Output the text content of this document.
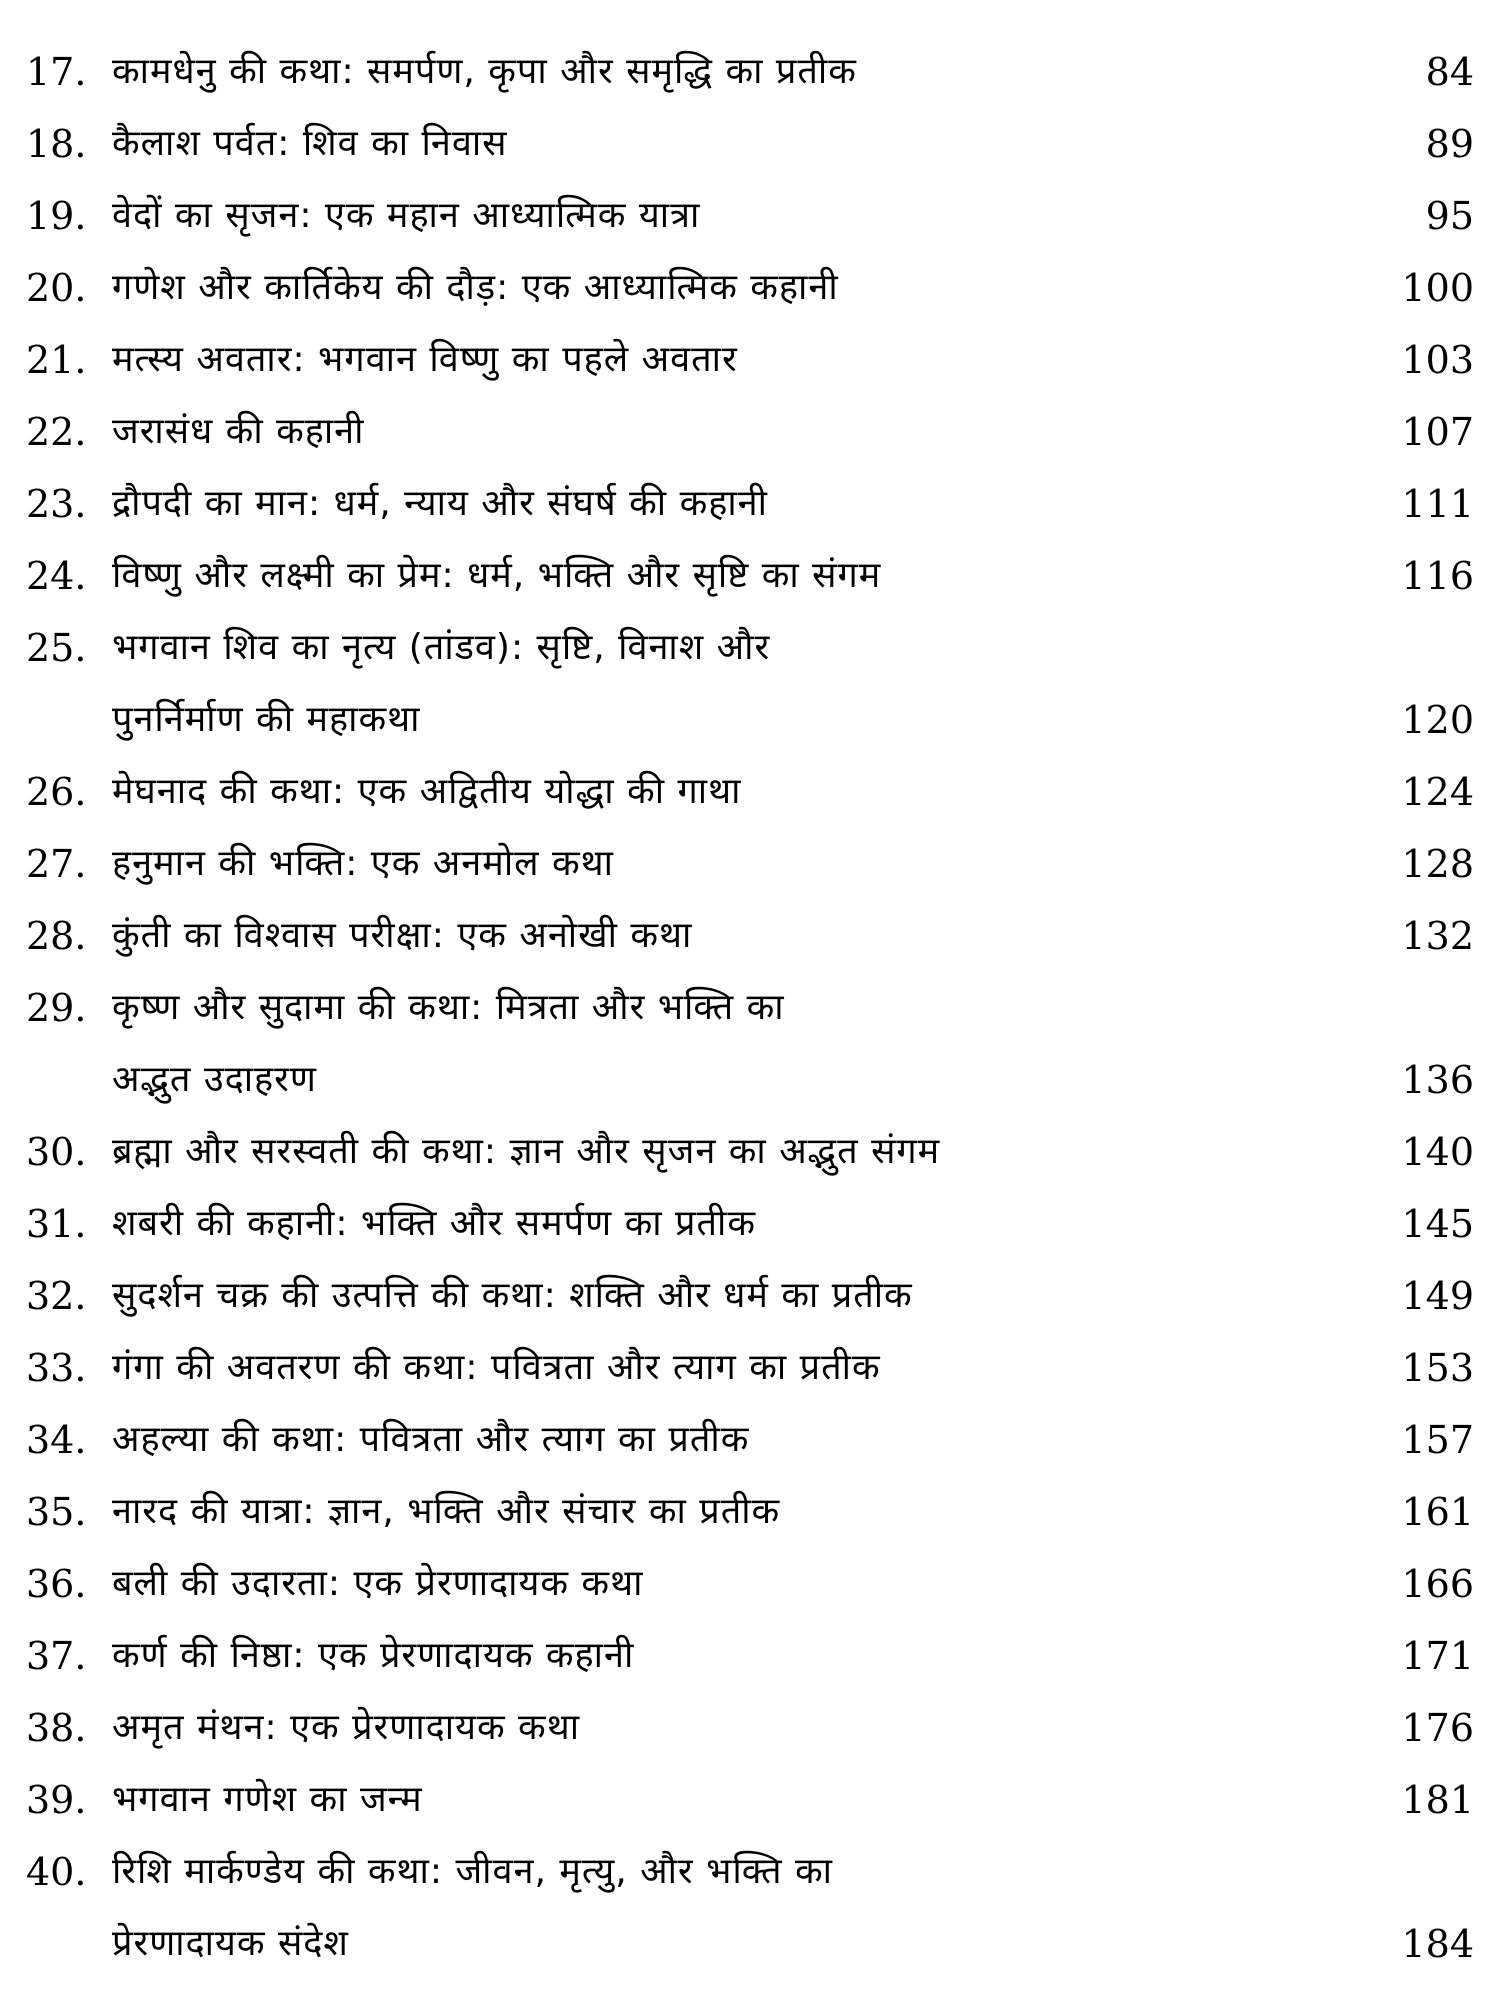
17. कामधेनु की कथा: समर्पण, कृपा और समृद्धि का प्रतीक	84
18. कैलाश पर्वत: शिव का निवास	89
19. वेदों का सृजन: एक महान आध्यात्मिक यात्रा	95
20. गणेश और कार्तिकेय की दौड़: एक आध्यात्मिक कहानी	100
21. मत्स्य अवतार: भगवान विष्णु का पहले अवतार	103
22. जरासंध की कहानी	107
23. द्रौपदी का मान: धर्म, न्याय और संघर्ष की कहानी	111
24. विष्णु और लक्ष्मी का प्रेम: धर्म, भक्ति और सृष्टि का संगम	116
25. भगवान शिव का नृत्य (तांडव): सृष्टि, विनाश और
पुनर्निर्माण की महाकथा	120
26. मेघनाद की कथा: एक अद्वितीय योद्धा की गाथा	124
27. हनुमान की भक्ति: एक अनमोल कथा	128
28. कुंती का विश्वास परीक्षा: एक अनोखी कथा	132
29. कृष्ण और सुदामा की कथा: मित्रता और भक्ति का
अद्भुत उदाहरण	136
30. ब्रह्मा और सरस्वती की कथा: ज्ञान और सृजन का अद्भुत संगम	140
31. शबरी की कहानी: भक्ति और समर्पण का प्रतीक	145
32. सुदर्शन चक्र की उत्पत्ति की कथा: शक्ति और धर्म का प्रतीक	149
33. गंगा की अवतरण की कथा: पवित्रता और त्याग का प्रतीक	153
34. अहल्या की कथा: पवित्रता और त्याग का प्रतीक	157
35. नारद की यात्रा: ज्ञान, भक्ति और संचार का प्रतीक	161
36. बली की उदारता: एक प्रेरणादायक कथा	166
37. कर्ण की निष्ठा: एक प्रेरणादायक कहानी	171
38. अमृत मंथन: एक प्रेरणादायक कथा	176
39. भगवान गणेश का जन्म	181
40. रिशि मार्कण्डेय की कथा: जीवन, मृत्यु, और भक्ति का
प्रेरणादायक संदेश	184
